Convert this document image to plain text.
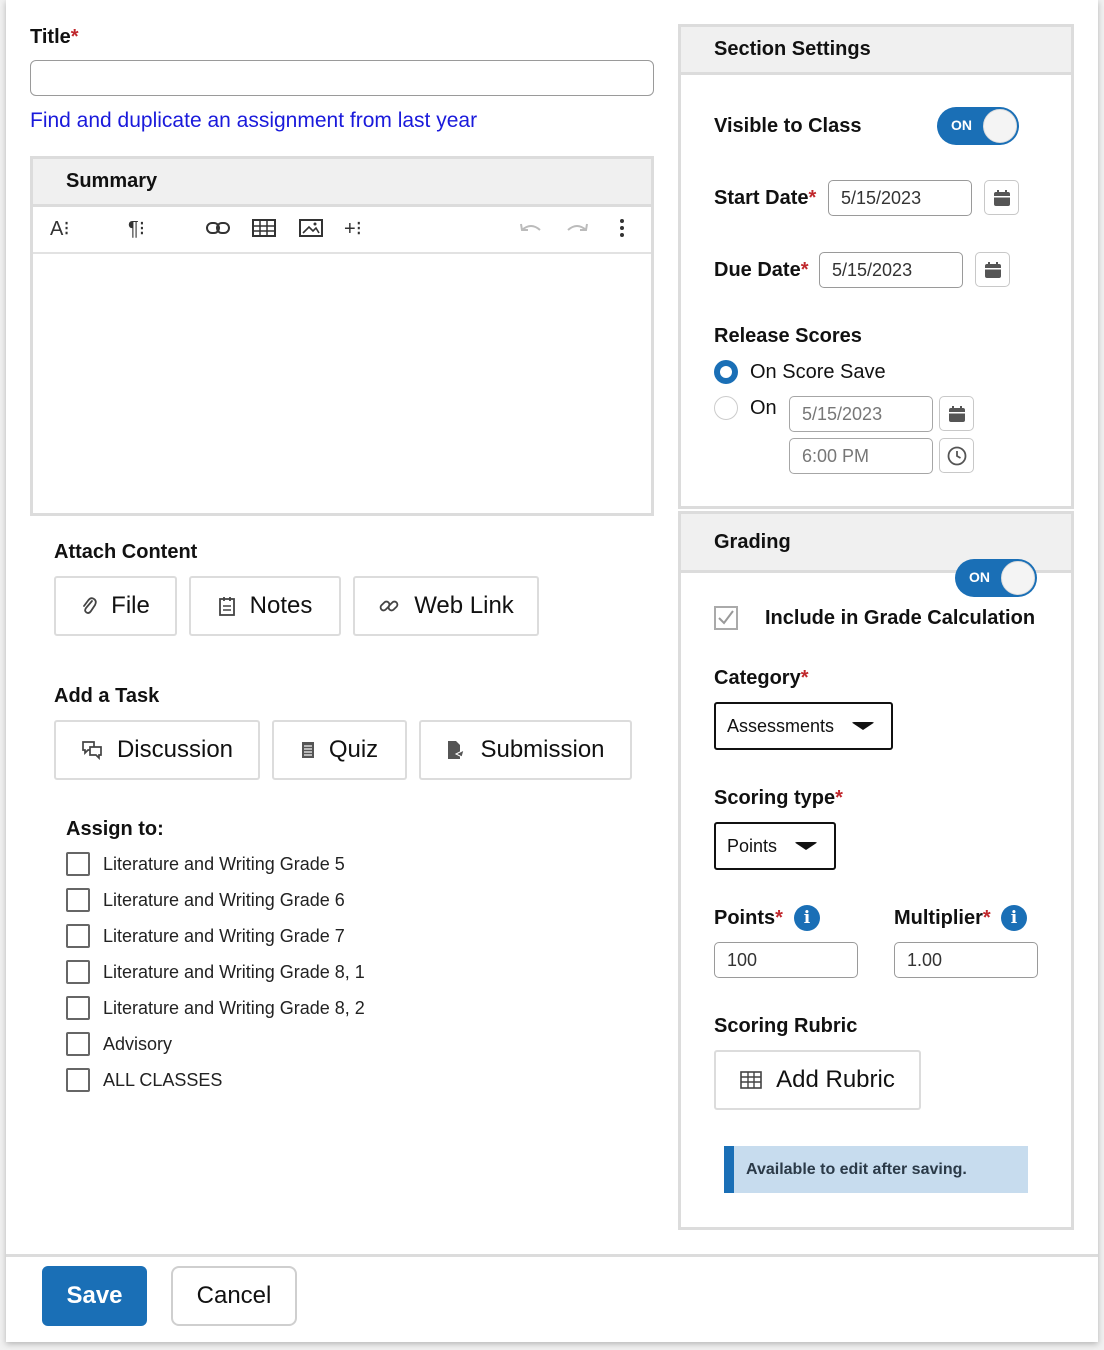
Title*
Find and duplicate an assignment from last year
Summary
A⁝	¶⁝	+⁝
Attach Content
File	Notes	Web Link
Add a Task
Discussion	Quiz	Submission
Assign to:
Literature and Writing Grade 5
Literature and Writing Grade 6
Literature and Writing Grade 7
Literature and Writing Grade 8, 1
Literature and Writing Grade 8, 2
Advisory
ALL CLASSES
Section Settings
Visible to Class	ON
Start Date*	5/15/2023
Due Date*	5/15/2023
Release Scores
On Score Save
On	5/15/2023
6:00 PM
Grading
ON
Include in Grade Calculation
Category*
Assessments
Scoring type*
Points
Points*	i
100
Multiplier*	i
1.00
Scoring Rubric
Add Rubric
Available to edit after saving.
Save	Cancel
